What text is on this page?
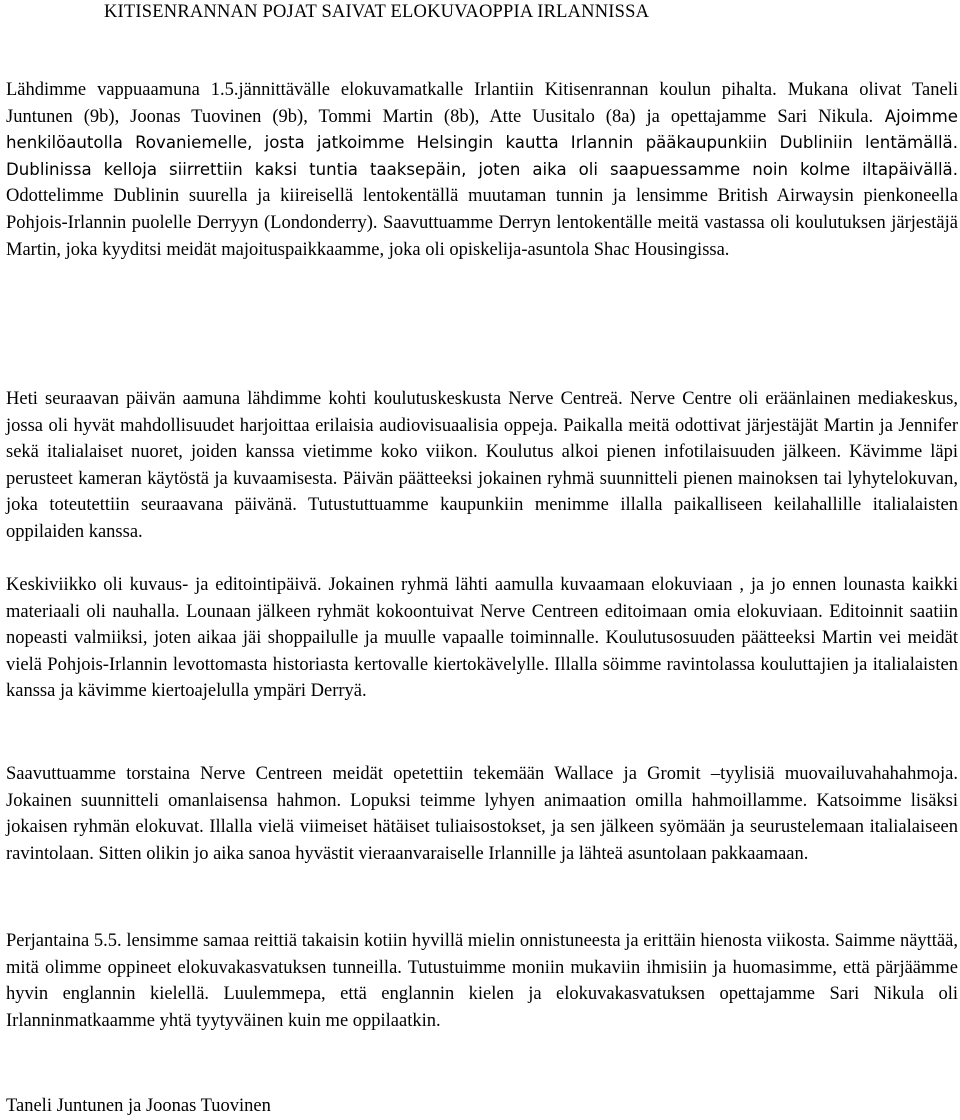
KITISENRANNAN POJAT SAIVAT ELOKUVAOPPIA IRLANNISSA

Lähdimme vappuaamuna 1.5.jännittävälle elokuvamatkalle Irlantiin Kitisenrannan koulun pihalta. Mukana olivat Taneli Juntunen (9b), Joonas Tuovinen (9b), Tommi Martin (8b), Atte Uusitalo (8a) ja opettajamme Sari Nikula. Ajoimme henkilöautolla Rovaniemelle, josta jatkoimme Helsingin kautta Irlannin pääkaupunkiin Dubliniin lentämällä. Dublinissa kelloja siirrettiin kaksi tuntia taaksepäin, joten aika oli saapuessamme noin kolme iltapäivällä. Odottelimme Dublinin suurella ja kiireisellä lentokentällä muutaman tunnin ja lensimme British Airwaysin pienkoneella Pohjois-Irlannin puolelle Derryyn (Londonderry). Saavuttuamme Derryn lentokentälle meitä vastassa oli koulutuksen järjestäjä Martin, joka kyyditsi meidät majoituspaikkaamme, joka oli opiskelija-asuntola Shac Housingissa.

Heti seuraavan päivän aamuna lähdimme kohti koulutuskeskusta Nerve Centreä. Nerve Centre oli eräänlainen mediakeskus, jossa oli hyvät mahdollisuudet harjoittaa erilaisia audiovisuaalisia oppeja. Paikalla meitä odottivat järjestäjät Martin ja Jennifer sekä italialaiset nuoret, joiden kanssa vietimme koko viikon. Koulutus alkoi pienen infotilaisuuden jälkeen. Kävimme läpi perusteet kameran käytöstä ja kuvaamisesta. Päivän päätteeksi jokainen ryhmä suunnitteli pienen mainoksen tai lyhytelokuvan, joka toteutettiin seuraavana päivänä. Tutustuttuamme kaupunkiin menimme illalla paikalliseen keilahallille italialaisten oppilaiden kanssa.

Keskiviikko oli kuvaus- ja editointipäivä. Jokainen ryhmä lähti aamulla kuvaamaan elokuviaan , ja jo ennen lounasta kaikki materiaali oli nauhalla. Lounaan jälkeen ryhmät kokoontuivat Nerve Centreen editoimaan omia elokuviaan. Editoinnit saatiin nopeasti valmiiksi, joten aikaa jäi shoppailulle ja muulle vapaalle toiminnalle. Koulutusosuuden päätteeksi Martin vei meidät vielä Pohjois-Irlannin levottomasta historiasta kertovalle kiertokävelylle. Illalla söimme ravintolassa kouluttajien ja italialaisten kanssa ja kävimme kiertoajelulla ympäri Derryä.

Saavuttuamme torstaina Nerve Centreen meidät opetettiin tekemään Wallace ja Gromit –tyylisiä muovailuvahahahmoja. Jokainen suunnitteli omanlaisensa hahmon. Lopuksi teimme lyhyen animaation omilla hahmoillamme. Katsoimme lisäksi jokaisen ryhmän elokuvat. Illalla vielä viimeiset hätäiset tuliaisostokset, ja sen jälkeen syömään ja seurustelemaan italialaiseen ravintolaan. Sitten olikin jo aika sanoa hyvästit vieraanvaraiselle Irlannille ja lähteä asuntolaan pakkaamaan.

Perjantaina 5.5. lensimme samaa reittiä takaisin kotiin hyvillä mielin onnistuneesta ja erittäin hienosta viikosta. Saimme näyttää, mitä olimme oppineet elokuvakasvatuksen tunneilla. Tutustuimme moniin mukaviin ihmisiin ja huomasimme, että pärjäämme hyvin englannin kielellä. Luulemmepa, että englannin kielen ja elokuvakasvatuksen opettajamme Sari Nikula oli Irlanninmatkaamme yhtä tyytyväinen kuin me oppilaatkin.

Taneli Juntunen ja Joonas Tuovinen
